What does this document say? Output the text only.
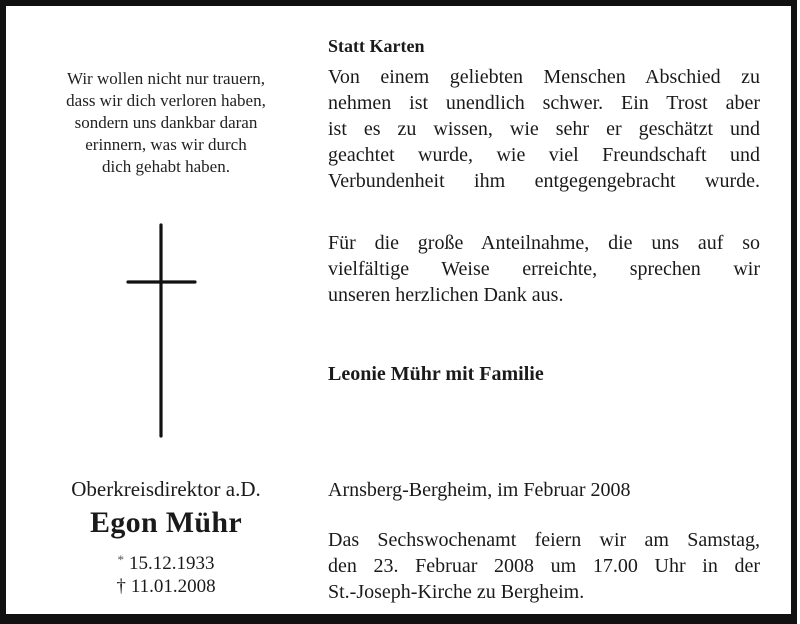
Wir wollen nicht nur trauern,
dass wir dich verloren haben,
sondern uns dankbar daran
erinnern, was wir durch
dich gehabt haben.
Oberkreisdirektor a.D.
Egon Mühr
* 15.12.1933
† 11.01.2008
Statt Karten
Von einem geliebten Menschen Abschied zu
nehmen ist unendlich schwer. Ein Trost aber
ist es zu wissen, wie sehr er geschätzt und
geachtet wurde, wie viel Freundschaft und
Verbundenheit ihm entgegengebracht wurde.
Für die große Anteilnahme, die uns auf so
vielfältige Weise erreichte, sprechen wir
unseren herzlichen Dank aus.
Leonie Mühr mit Familie
Arnsberg-Bergheim, im Februar 2008
Das Sechswochenamt feiern wir am Samstag,
den 23. Februar 2008 um 17.00 Uhr in der
St.-Joseph-Kirche zu Bergheim.
